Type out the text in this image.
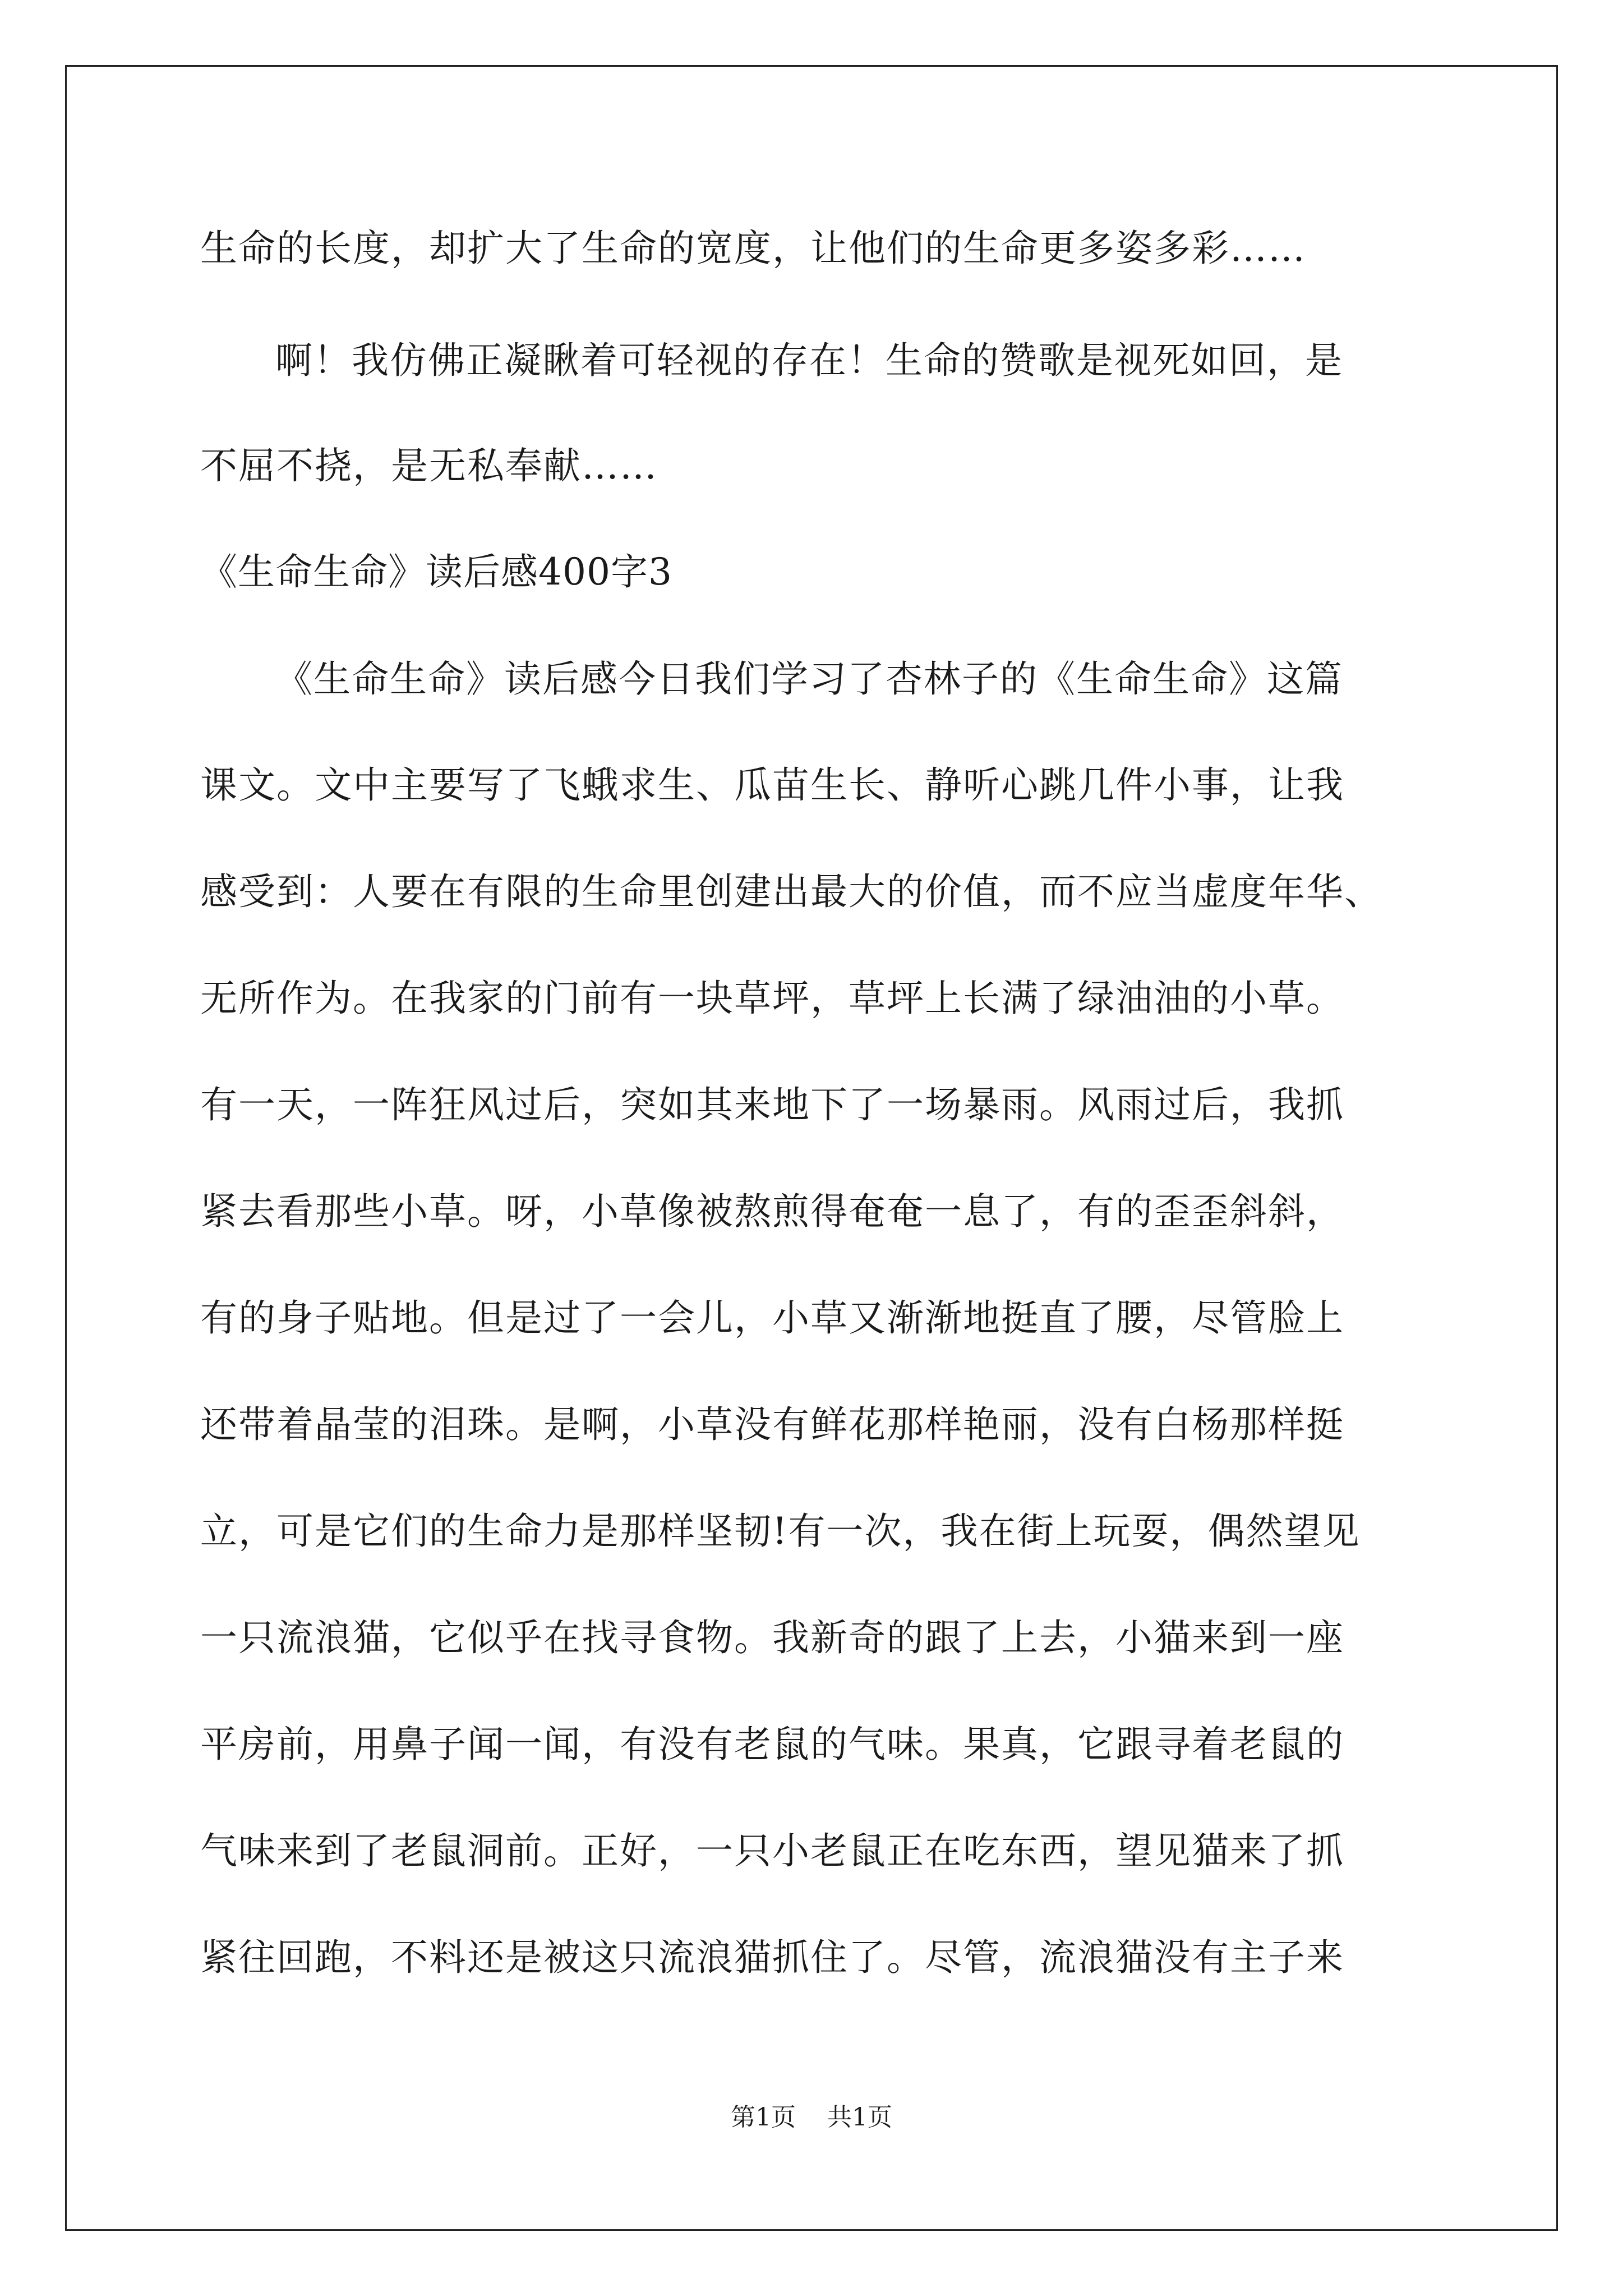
生命的长度，却扩大了生命的宽度，让他们的生命更多姿多彩……
啊！我仿佛正凝瞅着可轻视的存在！生命的赞歌是视死如回，是
不屈不挠，是无私奉献……
《生命生命》读后感400字3
《生命生命》读后感今日我们学习了杏林子的《生命生命》这篇
课文。文中主要写了飞蛾求生、瓜苗生长、静听心跳几件小事，让我
感受到：人要在有限的生命里创建出最大的价值，而不应当虚度年华、
无所作为。在我家的门前有一块草坪，草坪上长满了绿油油的小草。
有一天，一阵狂风过后，突如其来地下了一场暴雨。风雨过后，我抓
紧去看那些小草。呀，小草像被熬煎得奄奄一息了，有的歪歪斜斜，
有的身子贴地。但是过了一会儿，小草又渐渐地挺直了腰，尽管脸上
还带着晶莹的泪珠。是啊，小草没有鲜花那样艳丽，没有白杨那样挺
立，可是它们的生命力是那样坚韧!有一次，我在街上玩耍，偶然望见
一只流浪猫，它似乎在找寻食物。我新奇的跟了上去，小猫来到一座
平房前，用鼻子闻一闻，有没有老鼠的气味。果真，它跟寻着老鼠的
气味来到了老鼠洞前。正好，一只小老鼠正在吃东西，望见猫来了抓
紧往回跑，不料还是被这只流浪猫抓住了。尽管，流浪猫没有主子来
第1页 共1页
